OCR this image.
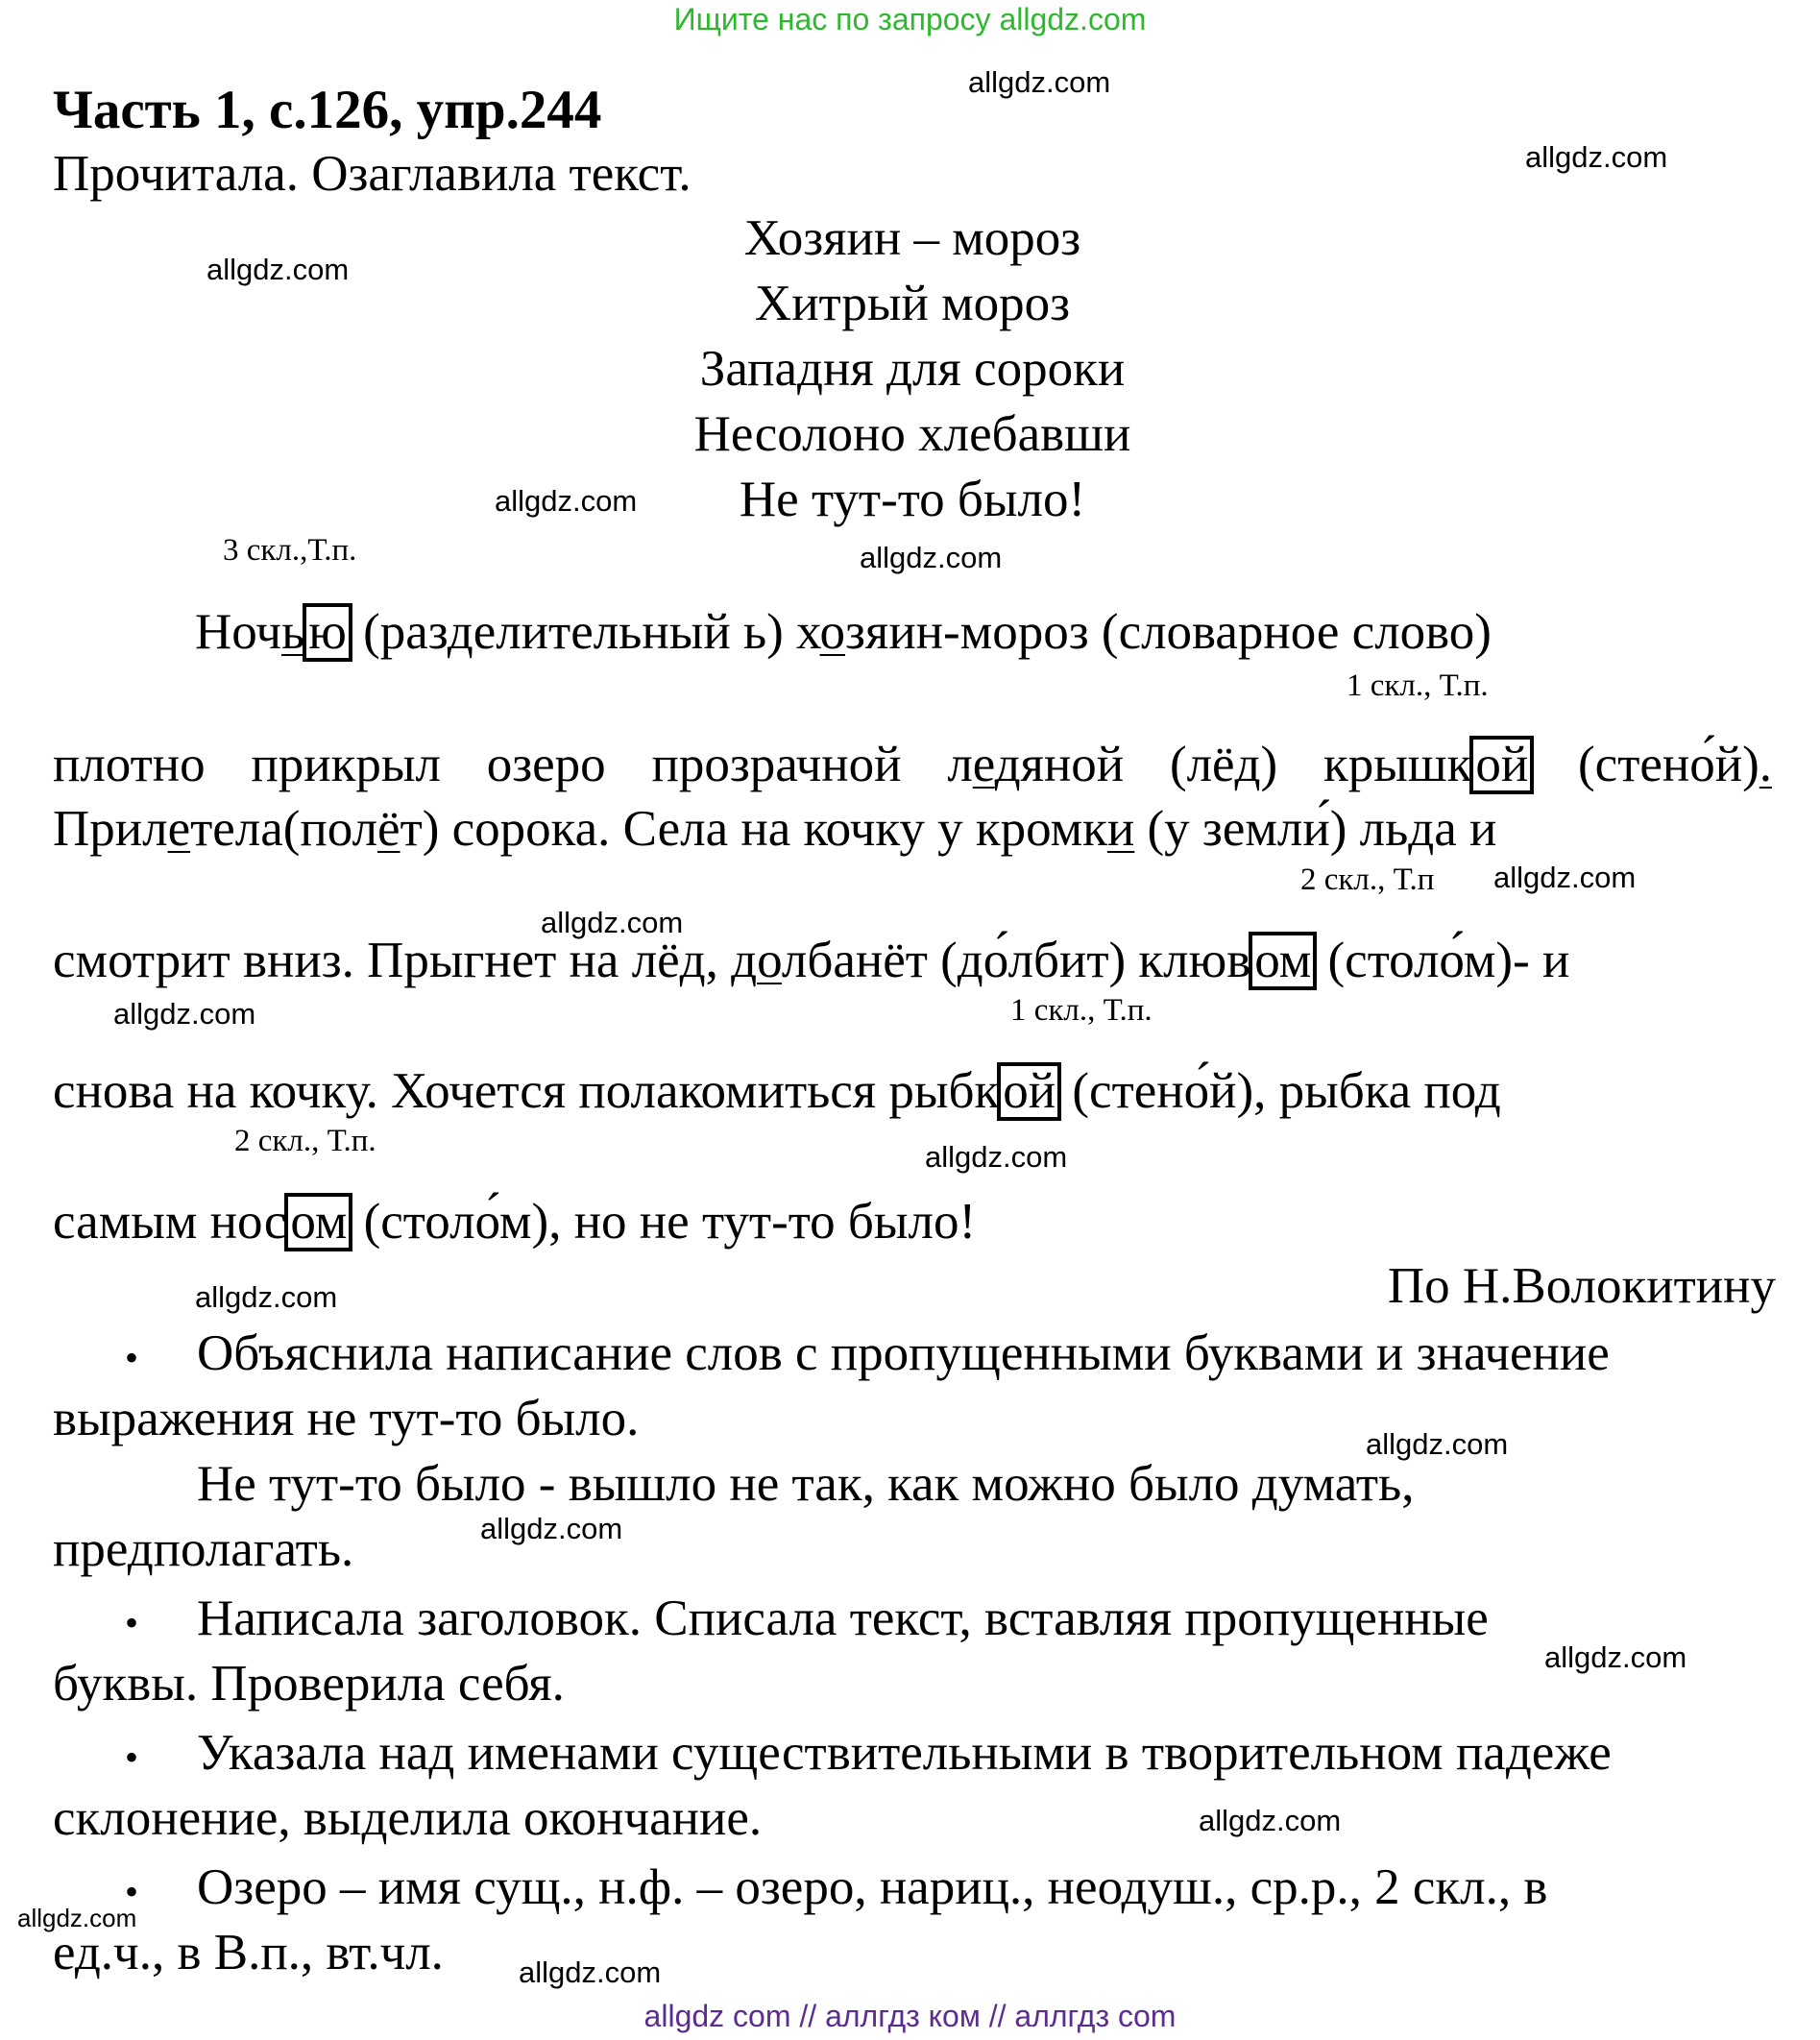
Ищите нас по запросу allgdz.com
Часть 1, с.126, упр.244
Прочитала. Озаглавила текст.
Хозяин – мороз
Хитрый мороз
Западня для сороки
Несолоно хлебавши
Не тут-то было!
3 скл.,Т.п.
Ночью (разделительный ь) хозяин-мороз (словарное слово)
1 скл., Т.п.
плотно прикрыл озеро прозрачной ледяной (лёд) крышкой (стено́й).
Прилетела(полёт) сорока. Села на кочку у кромки (у земли́) льда и
2 скл., Т.п
смотрит вниз. Прыгнет на лёд, долбанёт (до́лбит) клювом (столо́м)- и
1 скл., Т.п.
снова на кочку. Хочется полакомиться рыбкой (стено́й), рыбка под
2 скл., Т.п.
самым носом (столо́м), но не тут-то было!
По Н.Волокитину
• Объяснила написание слов с пропущенными буквами и значение
выражения не тут-то было.
Не тут-то было - вышло не так, как можно было думать,
предполагать.
• Написала заголовок. Списала текст, вставляя пропущенные
буквы. Проверила себя.
• Указала над именами существительными в творительном падеже
склонение, выделила окончание.
• Озеро – имя сущ., н.ф. – озеро, нариц., неодуш., ср.р., 2 скл., в
ед.ч., в В.п., вт.чл.
allgdz.com
allgdz.com
allgdz.com
allgdz.com
allgdz.com
allgdz.com
allgdz.com
allgdz.com
allgdz.com
allgdz.com
allgdz.com
allgdz.com
allgdz.com
allgdz.com
allgdz.com
allgdz.com
allgdz com // аллгдз ком // аллгдз com
